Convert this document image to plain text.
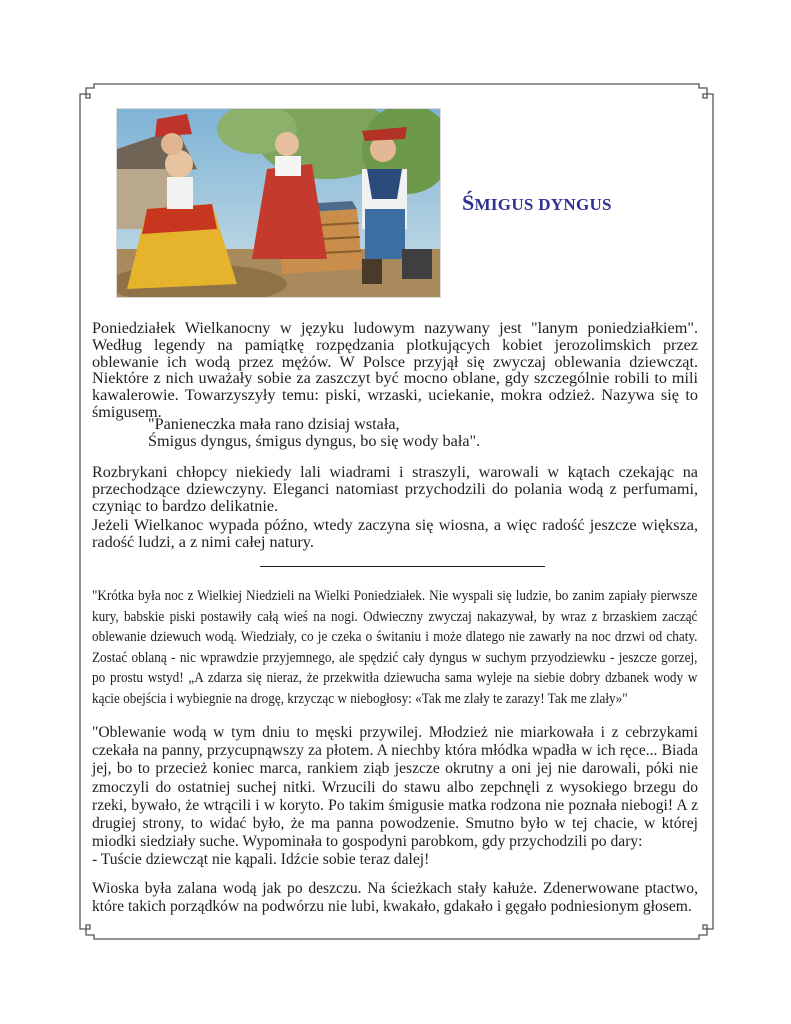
ŚMIGUS DYNGUS

Poniedziałek Wielkanocny w języku ludowym nazywany jest "lanym poniedziałkiem". Według legendy na pamiątkę rozpędzania plotkujących kobiet jerozolimskich przez oblewanie ich wodą przez mężów. W Polsce przyjął się zwyczaj oblewania dziewcząt. Niektóre z nich uważały sobie za zaszczyt być mocno oblane, gdy szczególnie robili to mili kawalerowie. Towarzyszyły temu: piski, wrzaski, uciekanie, mokra odzież. Nazywa się to śmigusem.

"Panieneczka mała rano dzisiaj wstała,
Śmigus dyngus, śmigus dyngus, bo się wody bała".

Rozbrykani chłopcy niekiedy lali wiadrami i straszyli, warowali w kątach czekając na przechodzące dziewczyny. Eleganci natomiast przychodzili do polania wodą z perfumami, czyniąc to bardzo delikatnie.

Jeżeli Wielkanoc wypada późno, wtedy zaczyna się wiosna, a więc radość jeszcze większa, radość ludzi, a z nimi całej natury.

"Krótka była noc z Wielkiej Niedzieli na Wielki Poniedziałek. Nie wyspali się ludzie, bo zanim zapiały pierwsze kury, babskie piski postawiły całą wieś na nogi. Odwieczny zwyczaj nakazywał, by wraz z brzaskiem zacząć oblewanie dziewuch wodą. Wiedziały, co je czeka o świtaniu i może dlatego nie zawarły na noc drzwi od chaty. Zostać oblaną - nic wprawdzie przyjemnego, ale spędzić cały dyngus w suchym przyodziewku - jeszcze gorzej, po prostu wstyd! „A zdarza się nieraz, że przekwitła dziewucha sama wyleje na siebie dobry dzbanek wody w kącie obejścia i wybiegnie na drogę, krzycząc w niebogłosy: «Tak me zlały te zarazy! Tak me zlały»"

"Oblewanie wodą w tym dniu to męski przywilej. Młodzież nie miarkowała i z cebrzykami czekała na panny, przycupnąwszy za płotem. A niechby która młódka wpadła w ich ręce... Biada jej, bo to przecież koniec marca, rankiem ziąb jeszcze okrutny a oni jej nie darowali, póki nie zmoczyli do ostatniej suchej nitki. Wrzucili do stawu albo zepchnęli z wysokiego brzegu do rzeki, bywało, że wtrącili i w koryto. Po takim śmigusie matka rodzona nie poznała niebogi! A z drugiej strony, to widać było, że ma panna powodzenie. Smutno było w tej chacie, w której miodki siedziały suche. Wypominała to gospodyni parobkom, gdy przychodzili po dary:

- Tuście dziewcząt nie kąpali. Idźcie sobie teraz dalej!

Wioska była zalana wodą jak po deszczu. Na ścieżkach stały kałuże. Zdenerwowane ptactwo, które takich porządków na podwórzu nie lubi, kwakało, gdakało i gęgało podniesionym głosem.
